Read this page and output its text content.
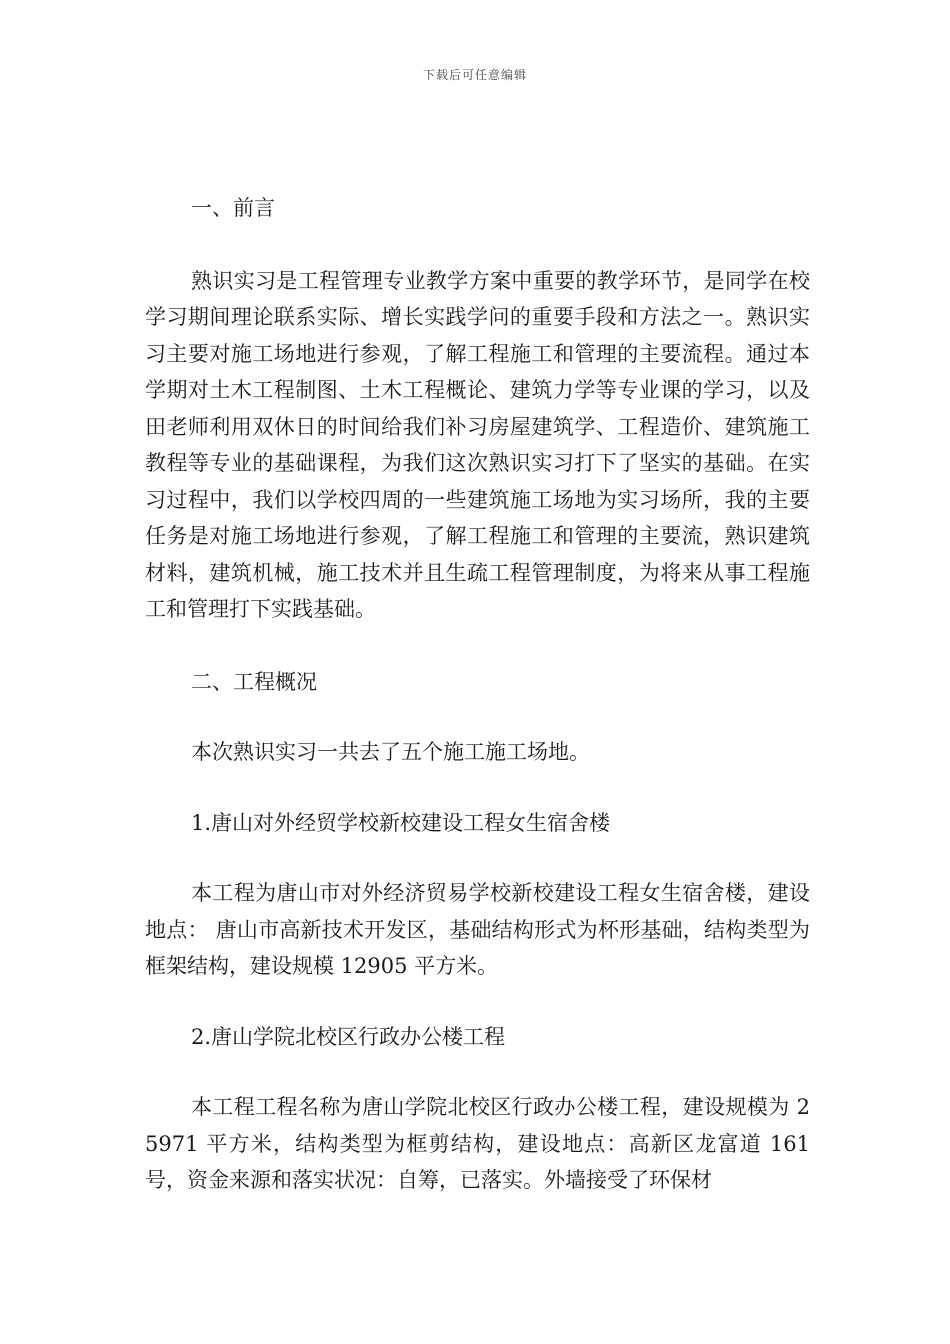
下载后可任意编辑

一、前言

熟识实习是工程管理专业教学方案中重要的教学环节，是同学在校学习期间理论联系实际、增长实践学问的重要手段和方法之一。熟识实习主要对施工场地进行参观，了解工程施工和管理的主要流程。通过本学期对土木工程制图、土木工程概论、建筑力学等专业课的学习，以及田老师利用双休日的时间给我们补习房屋建筑学、工程造价、建筑施工教程等专业的基础课程，为我们这次熟识实习打下了坚实的基础。在实习过程中，我们以学校四周的一些建筑施工场地为实习场所，我的主要任务是对施工场地进行参观，了解工程施工和管理的主要流，熟识建筑材料，建筑机械，施工技术并且生疏工程管理制度，为将来从事工程施工和管理打下实践基础。

二、工程概况

本次熟识实习一共去了五个施工施工场地。

1.唐山对外经贸学校新校建设工程女生宿舍楼

本工程为唐山市对外经济贸易学校新校建设工程女生宿舍楼，建设地点： 唐山市高新技术开发区，基础结构形式为杯形基础，结构类型为框架结构，建设规模 12905 平方米。

2.唐山学院北校区行政办公楼工程

本工程工程名称为唐山学院北校区行政办公楼工程，建设规模为 25971 平方米，结构类型为框剪结构，建设地点：高新区龙富道 161 号，资金来源和落实状况：自筹，已落实。外墙接受了环保材
